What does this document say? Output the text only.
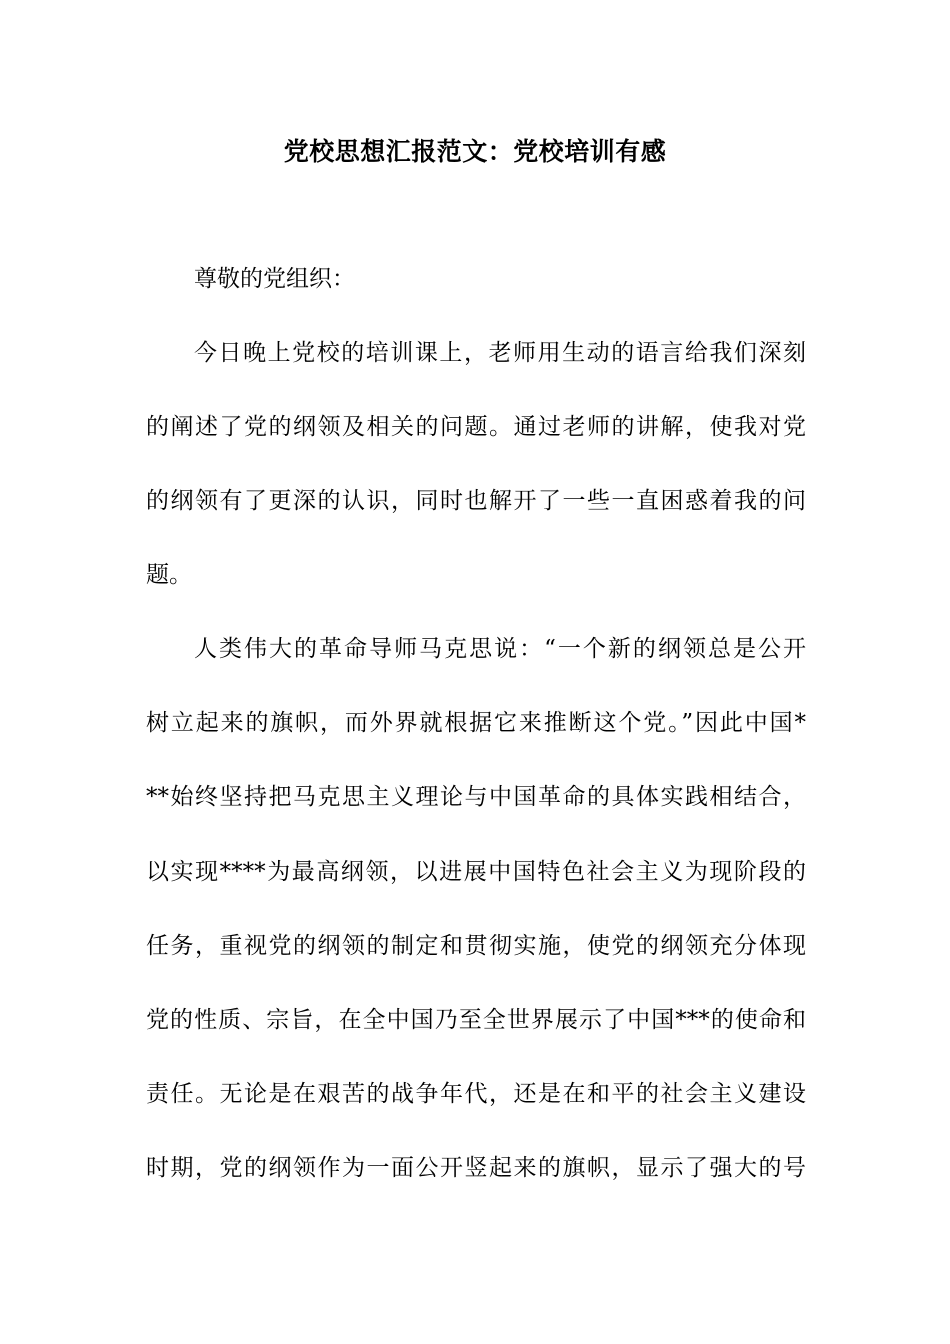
党校思想汇报范文：党校培训有感
尊敬的党组织：
今日晚上党校的培训课上，老师用生动的语言给我们深刻
的阐述了党的纲领及相关的问题。通过老师的讲解，使我对党
的纲领有了更深的认识，同时也解开了一些一直困惑着我的问
题。
人类伟大的革命导师马克思说：“一个新的纲领总是公开
树立起来的旗帜，而外界就根据它来推断这个党。”因此中国*
**始终坚持把马克思主义理论与中国革命的具体实践相结合，
以实现****为最高纲领，以进展中国特色社会主义为现阶段的
任务，重视党的纲领的制定和贯彻实施，使党的纲领充分体现
党的性质、宗旨，在全中国乃至全世界展示了中国***的使命和
责任。无论是在艰苦的战争年代，还是在和平的社会主义建设
时期，党的纲领作为一面公开竖起来的旗帜，显示了强大的号
